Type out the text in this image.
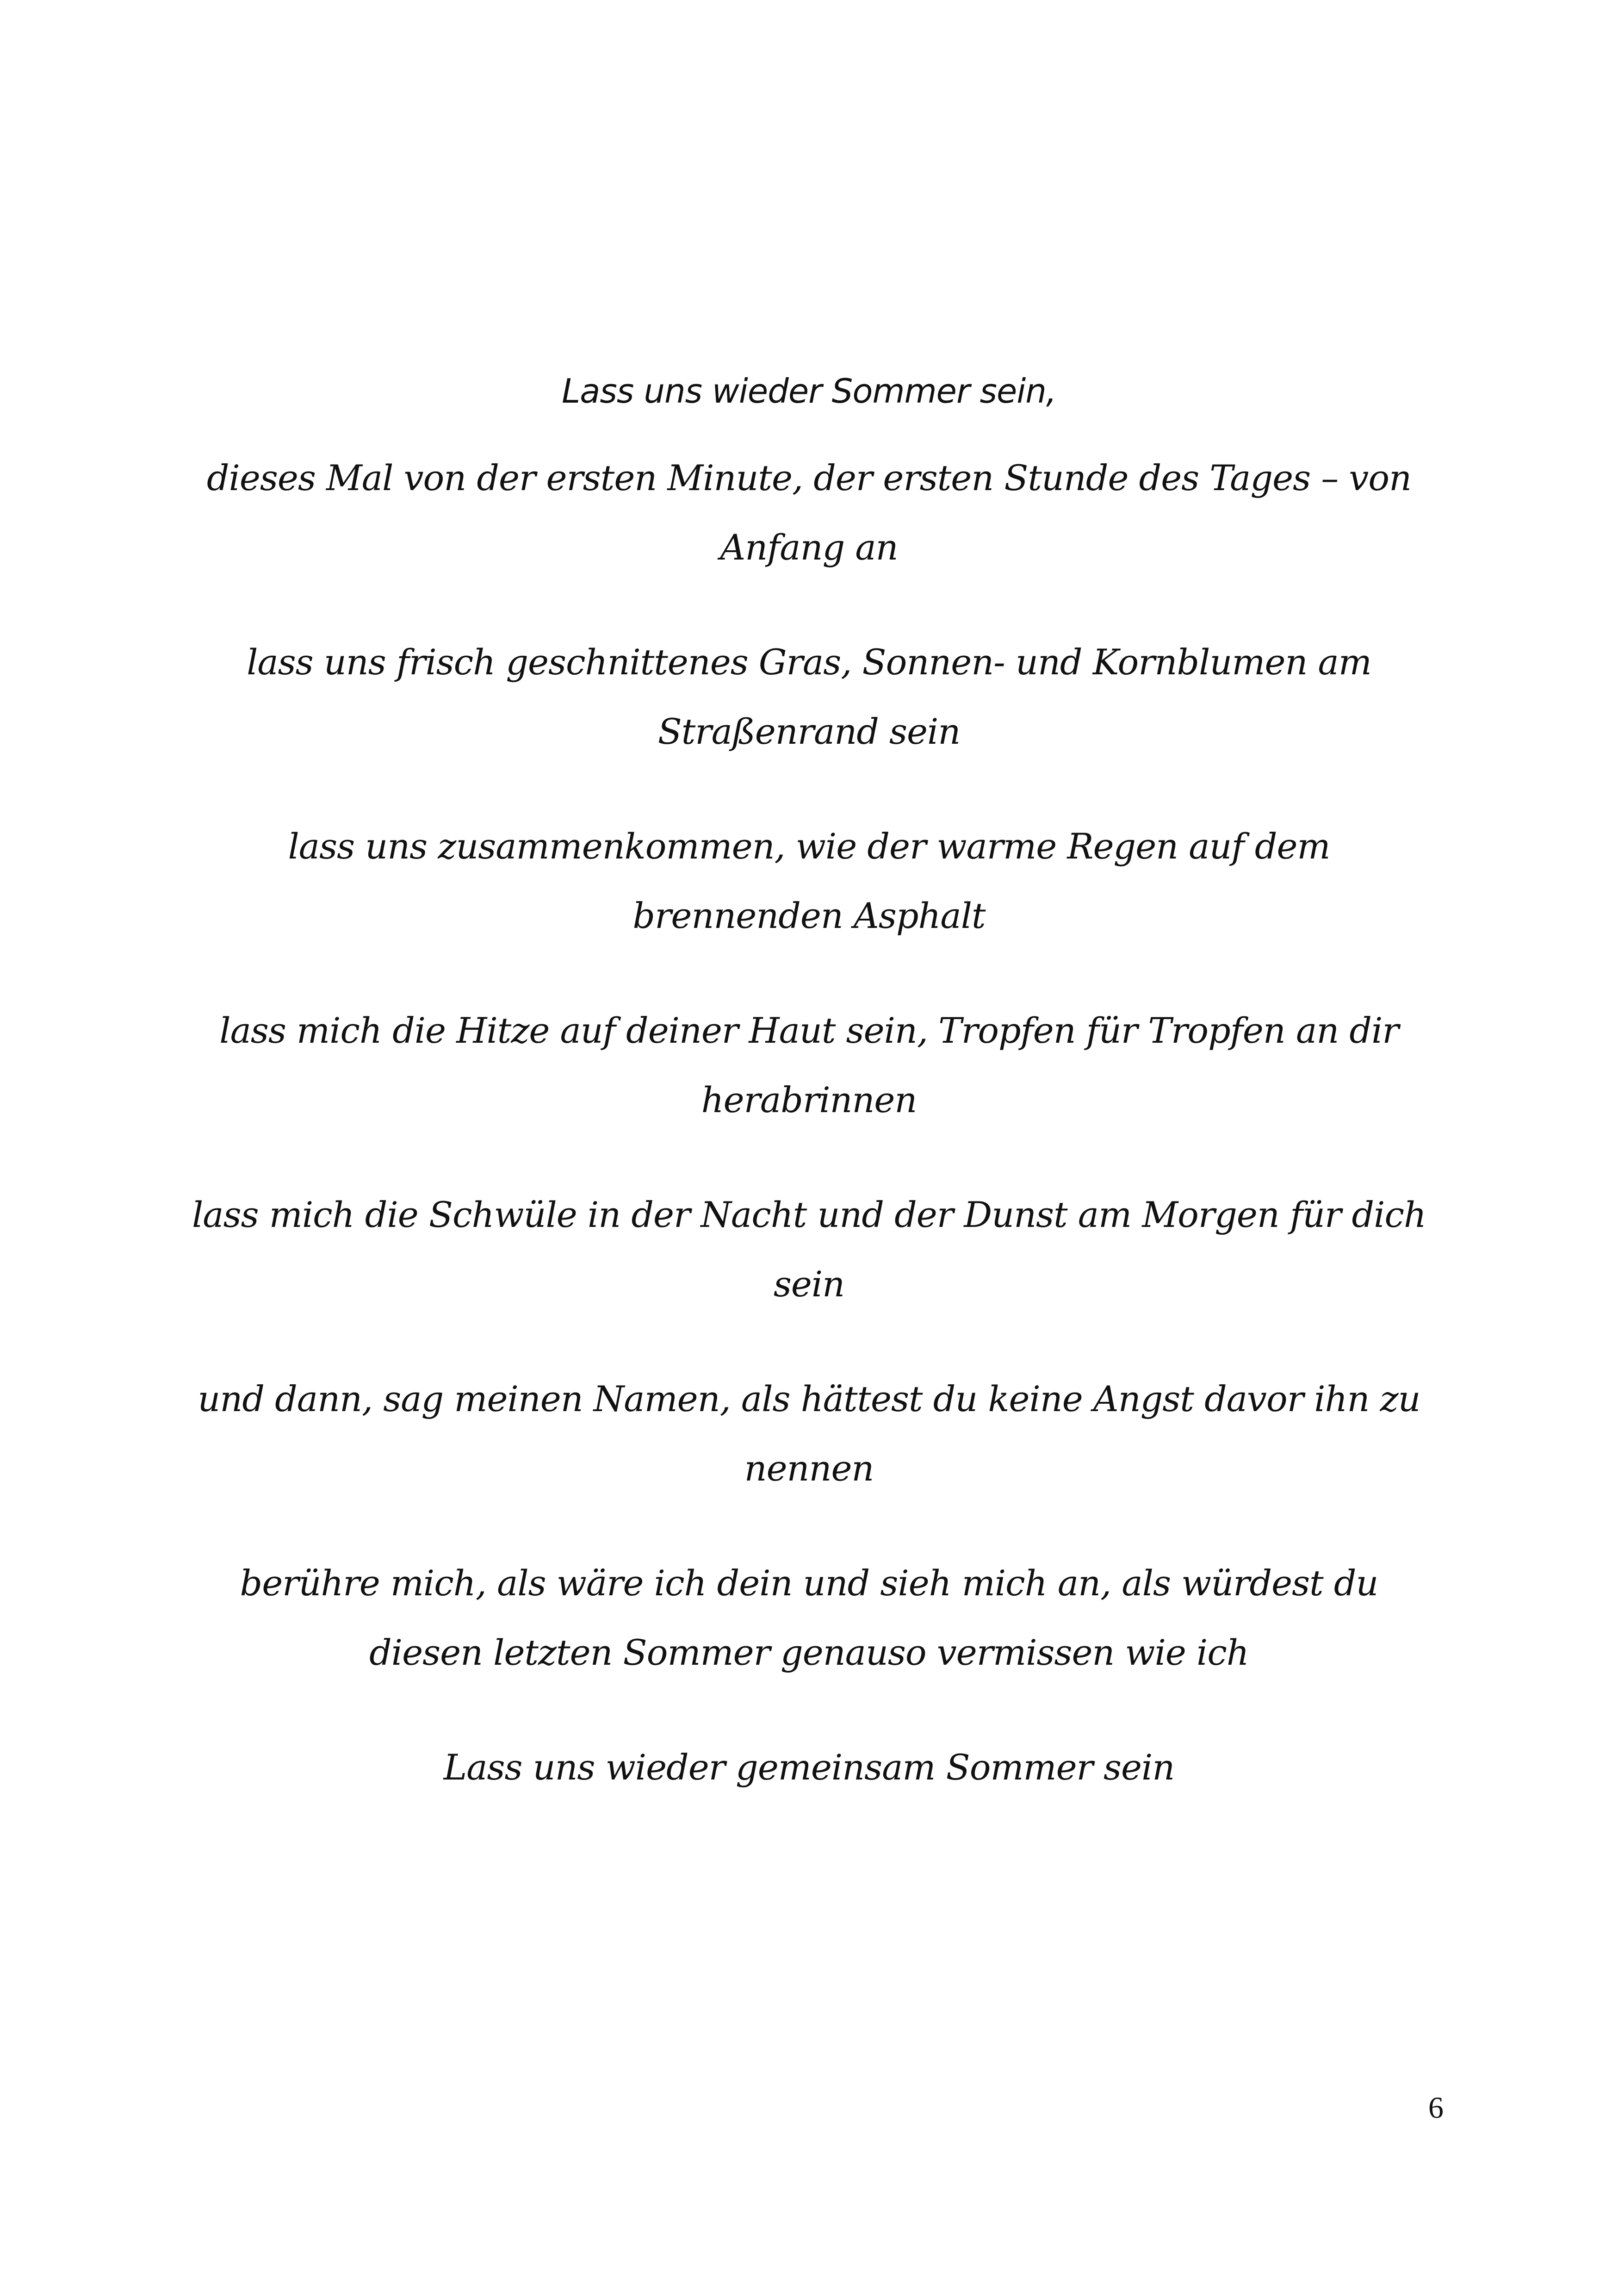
Lass uns wieder Sommer sein,

dieses Mal von der ersten Minute, der ersten Stunde des Tages – von

Anfang an

lass uns frisch geschnittenes Gras, Sonnen- und Kornblumen am

Straßenrand sein

lass uns zusammenkommen, wie der warme Regen auf dem

brennenden Asphalt

lass mich die Hitze auf deiner Haut sein, Tropfen für Tropfen an dir

herabrinnen

lass mich die Schwüle in der Nacht und der Dunst am Morgen für dich

sein

und dann, sag meinen Namen, als hättest du keine Angst davor ihn zu

nennen

berühre mich, als wäre ich dein und sieh mich an, als würdest du

diesen letzten Sommer genauso vermissen wie ich

Lass uns wieder gemeinsam Sommer sein

6
